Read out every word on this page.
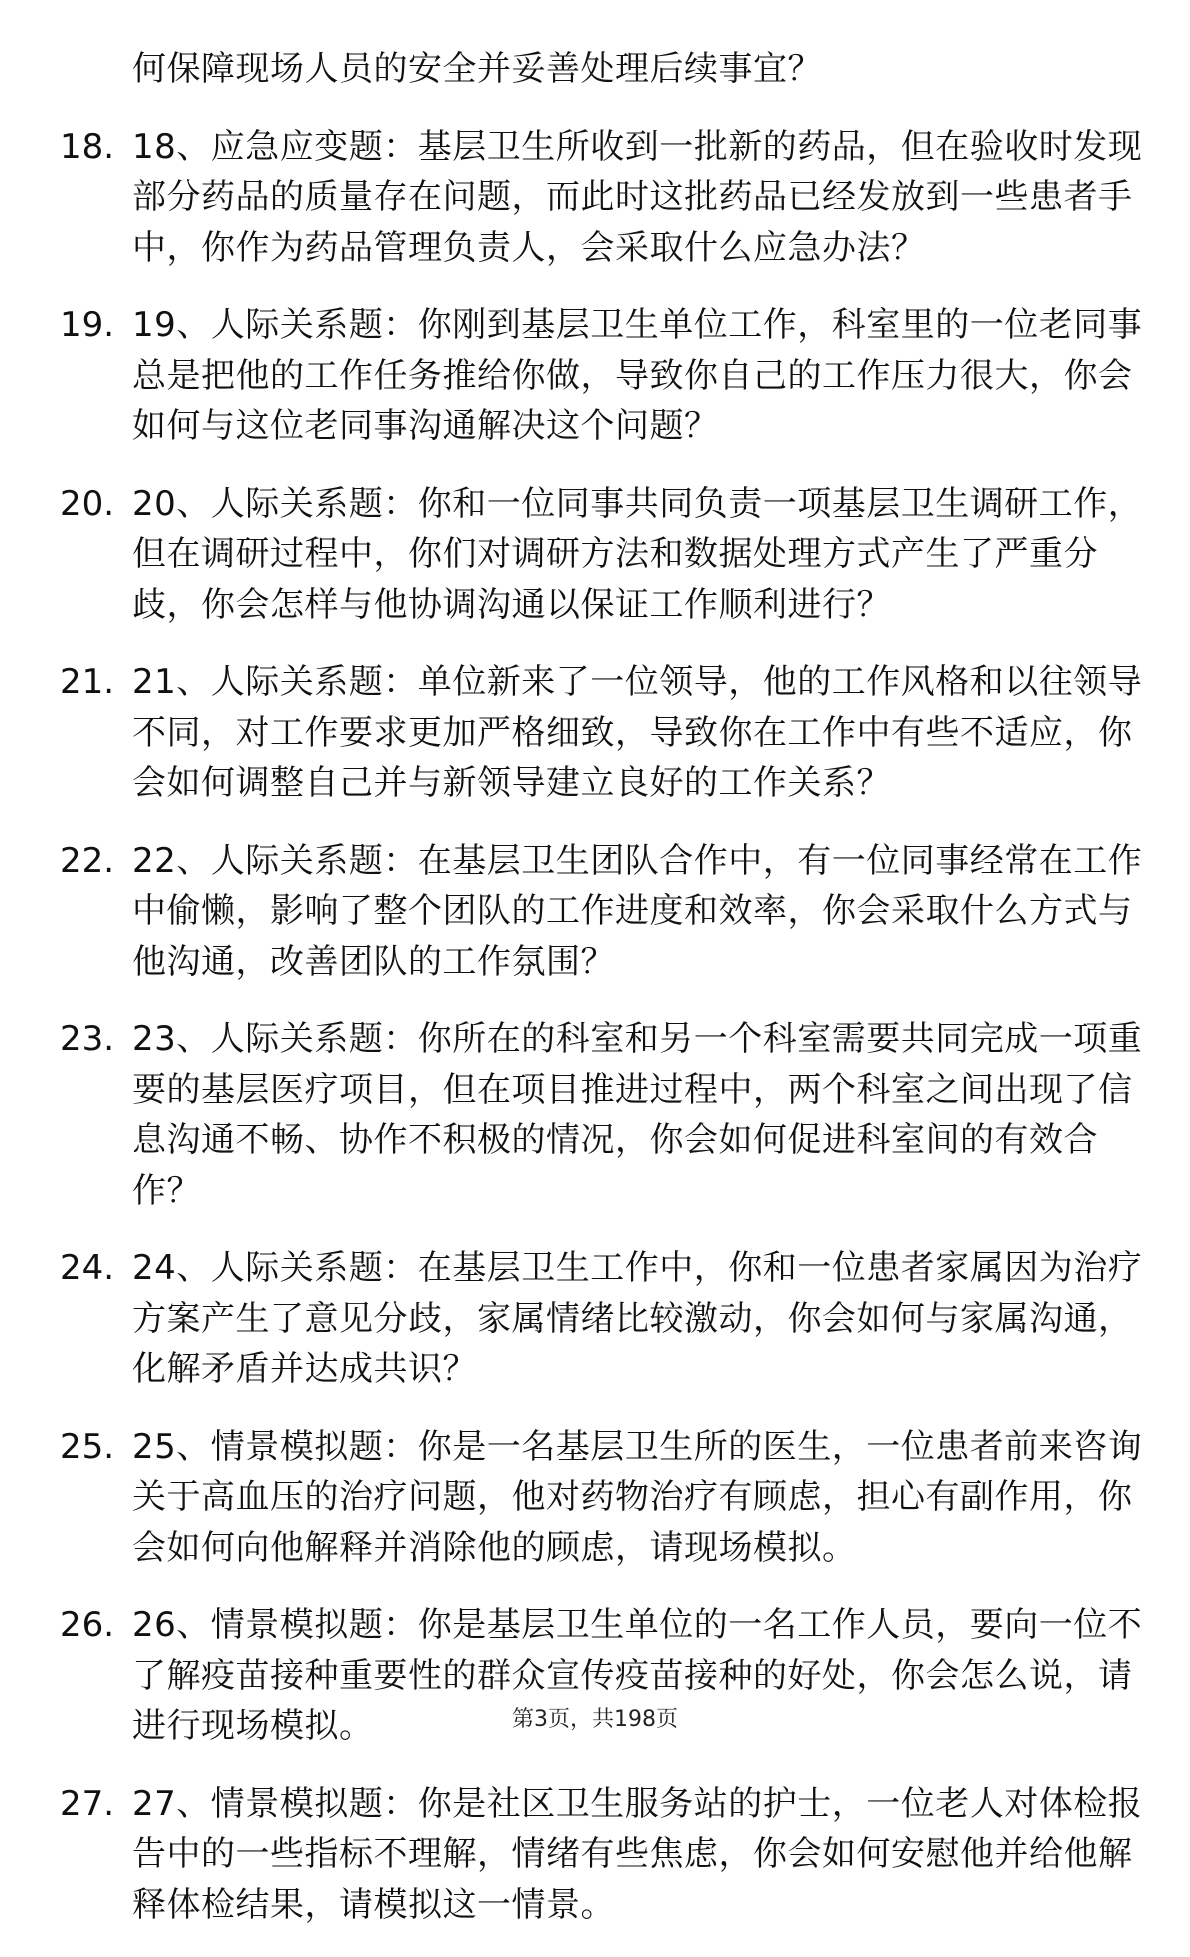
何保障现场人员的安全并妥善处理后续事宜？
18. 18、应急应变题：基层卫生所收到一批新的药品，但在验收时发现部分药品的质量存在问题，而此时这批药品已经发放到一些患者手中，你作为药品管理负责人，会采取什么应急办法？
19. 19、人际关系题：你刚到基层卫生单位工作，科室里的一位老同事总是把他的工作任务推给你做，导致你自己的工作压力很大，你会如何与这位老同事沟通解决这个问题？
20. 20、人际关系题：你和一位同事共同负责一项基层卫生调研工作，但在调研过程中，你们对调研方法和数据处理方式产生了严重分歧，你会怎样与他协调沟通以保证工作顺利进行？
21. 21、人际关系题：单位新来了一位领导，他的工作风格和以往领导不同，对工作要求更加严格细致，导致你在工作中有些不适应，你会如何调整自己并与新领导建立良好的工作关系？
22. 22、人际关系题：在基层卫生团队合作中，有一位同事经常在工作中偷懒，影响了整个团队的工作进度和效率，你会采取什么方式与他沟通，改善团队的工作氛围？
23. 23、人际关系题：你所在的科室和另一个科室需要共同完成一项重要的基层医疗项目，但在项目推进过程中，两个科室之间出现了信息沟通不畅、协作不积极的情况，你会如何促进科室间的有效合作？
24. 24、人际关系题：在基层卫生工作中，你和一位患者家属因为治疗方案产生了意见分歧，家属情绪比较激动，你会如何与家属沟通，化解矛盾并达成共识？
25. 25、情景模拟题：你是一名基层卫生所的医生，一位患者前来咨询关于高血压的治疗问题，他对药物治疗有顾虑，担心有副作用，你会如何向他解释并消除他的顾虑，请现场模拟。
26. 26、情景模拟题：你是基层卫生单位的一名工作人员，要向一位不了解疫苗接种重要性的群众宣传疫苗接种的好处，你会怎么说，请进行现场模拟。
27. 27、情景模拟题：你是社区卫生服务站的护士，一位老人对体检报告中的一些指标不理解，情绪有些焦虑，你会如何安慰他并给他解释体检结果，请模拟这一情景。
第3页，共198页
